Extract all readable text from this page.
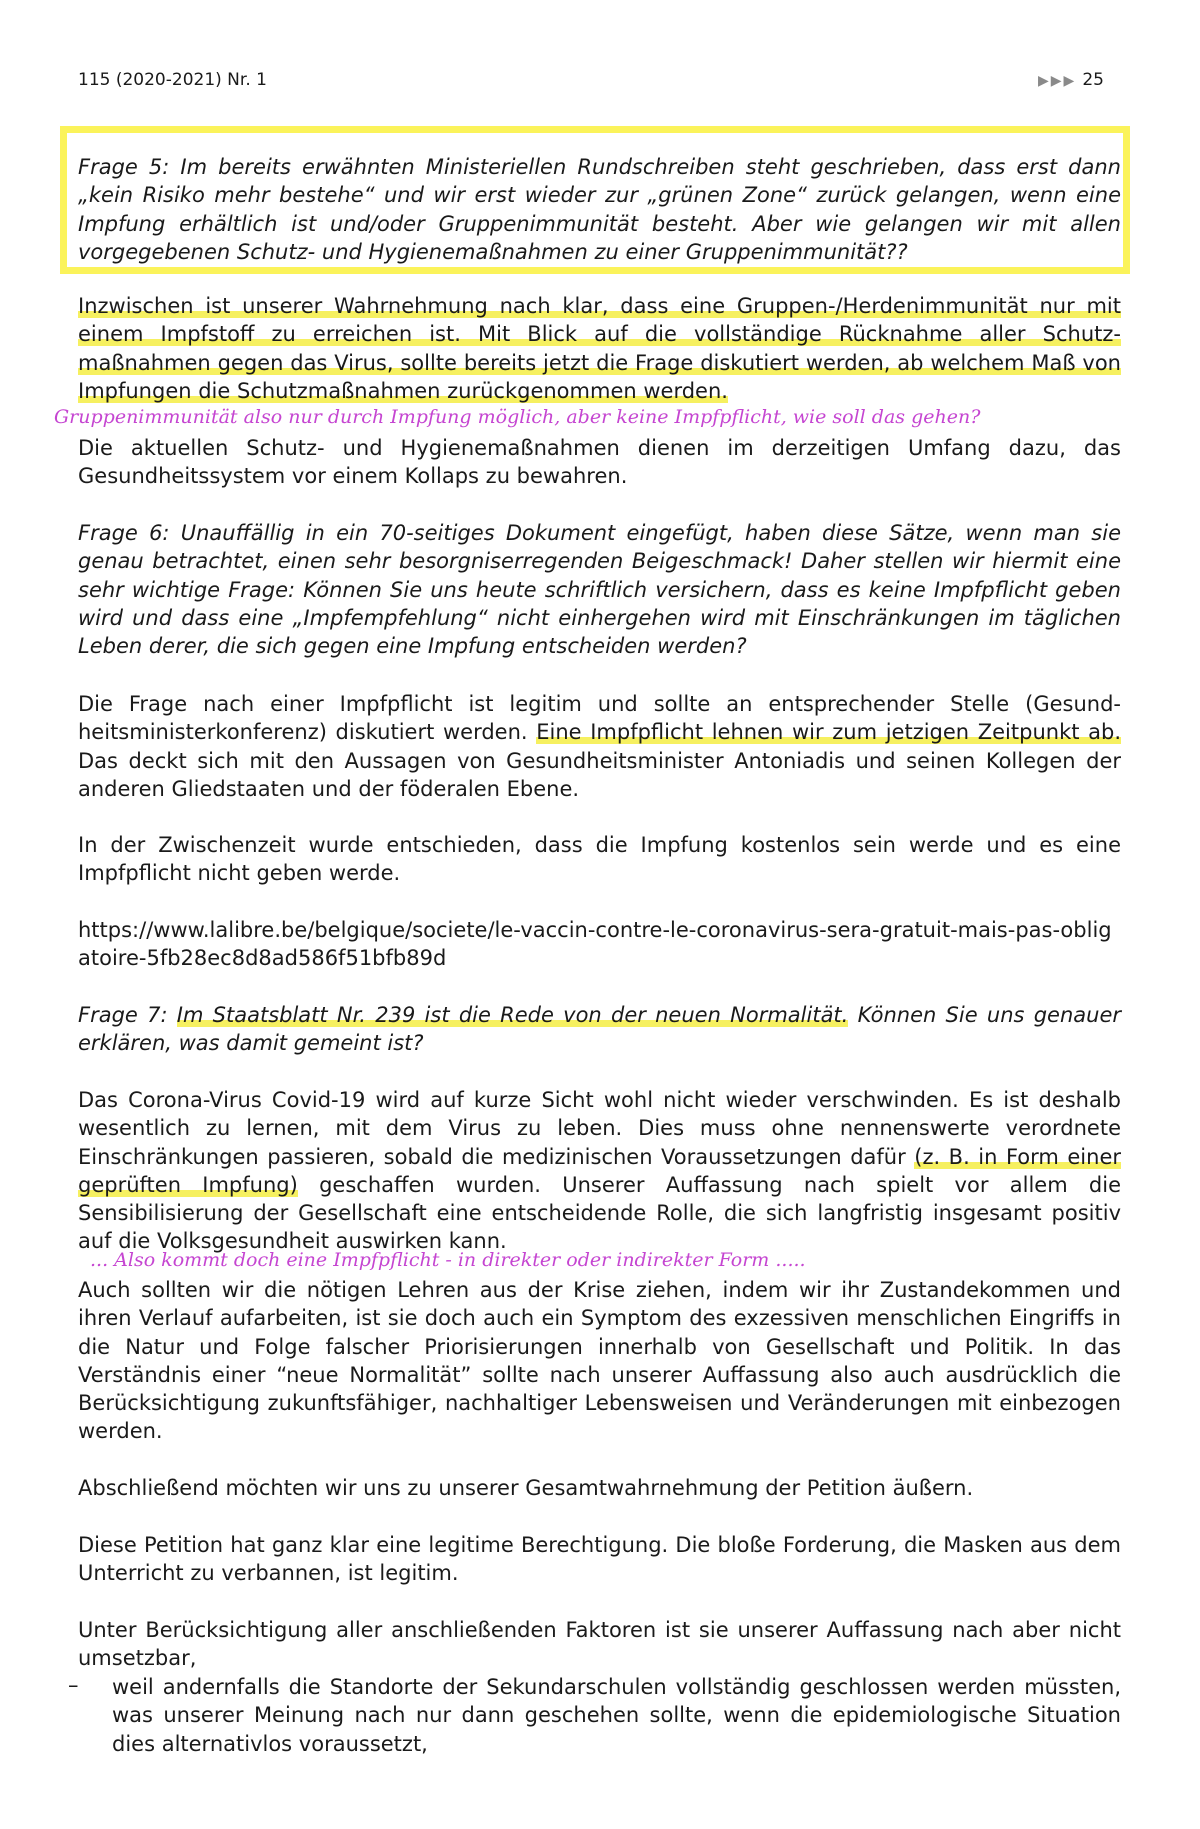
115 (2020-2021) Nr. 1	▶▶▶ 25

Frage 5: Im bereits erwähnten Ministeriellen Rundschreiben steht geschrieben, dass erst dann „kein Risiko mehr bestehe“ und wir erst wieder zur „grünen Zone“ zurück gelangen, wenn eine Impfung erhältlich ist und/oder Gruppenimmunität besteht. Aber wie gelangen wir mit allen vorgegebenen Schutz- und Hygienemaßnahmen zu einer Gruppenimmunität??

Inzwischen ist unserer Wahrnehmung nach klar, dass eine Gruppen-/Herdenimmunität nur mit einem Impfstoff zu erreichen ist. Mit Blick auf die vollständige Rücknahme aller Schutzmaßnahmen gegen das Virus, sollte bereits jetzt die Frage diskutiert werden, ab welchem Maß von Impfungen die Schutzmaßnahmen zurückgenommen werden.

Gruppenimmunität also nur durch Impfung möglich, aber keine Impfpflicht, wie soll das gehen?

Die aktuellen Schutz- und Hygienemaßnahmen dienen im derzeitigen Umfang dazu, das Gesundheitssystem vor einem Kollaps zu bewahren.

Frage 6: Unauffällig in ein 70-seitiges Dokument eingefügt, haben diese Sätze, wenn man sie genau betrachtet, einen sehr besorgniserregenden Beigeschmack! Daher stellen wir hiermit eine sehr wichtige Frage: Können Sie uns heute schriftlich versichern, dass es keine Impfpflicht geben wird und dass eine „Impfempfehlung“ nicht einhergehen wird mit Einschränkungen im täglichen Leben derer, die sich gegen eine Impfung entscheiden werden?

Die Frage nach einer Impfpflicht ist legitim und sollte an entsprechender Stelle (Gesundheitsministerkonferenz) diskutiert werden. Eine Impfpflicht lehnen wir zum jetzigen Zeitpunkt ab. Das deckt sich mit den Aussagen von Gesundheitsminister Antoniadis und seinen Kollegen der anderen Gliedstaaten und der föderalen Ebene.

In der Zwischenzeit wurde entschieden, dass die Impfung kostenlos sein werde und es eine Impfpflicht nicht geben werde.

https://www.lalibre.be/belgique/societe/le-vaccin-contre-le-coronavirus-sera-gratuit-mais-pas-obligatoire-5fb28ec8d8ad586f51bfb89d

Frage 7: Im Staatsblatt Nr. 239 ist die Rede von der neuen Normalität. Können Sie uns genauer erklären, was damit gemeint ist?

Das Corona-Virus Covid-19 wird auf kurze Sicht wohl nicht wieder verschwinden. Es ist deshalb wesentlich zu lernen, mit dem Virus zu leben. Dies muss ohne nennenswerte verordnete Einschränkungen passieren, sobald die medizinischen Voraussetzungen dafür (z. B. in Form einer geprüften Impfung) geschaffen wurden. Unserer Auffassung nach spielt vor allem die Sensibilisierung der Gesellschaft eine entscheidende Rolle, die sich langfristig insgesamt positiv auf die Volksgesundheit auswirken kann.

... Also kommt doch eine Impfpflicht - in direkter oder indirekter Form .....

Auch sollten wir die nötigen Lehren aus der Krise ziehen, indem wir ihr Zustandekommen und ihren Verlauf aufarbeiten, ist sie doch auch ein Symptom des exzessiven menschlichen Eingriffs in die Natur und Folge falscher Priorisierungen innerhalb von Gesellschaft und Politik. In das Verständnis einer “neue Normalität” sollte nach unserer Auffassung also auch ausdrücklich die Berücksichtigung zukunftsfähiger, nachhaltiger Lebensweisen und Veränderungen mit einbezogen werden.

Abschließend möchten wir uns zu unserer Gesamtwahrnehmung der Petition äußern.

Diese Petition hat ganz klar eine legitime Berechtigung. Die bloße Forderung, die Masken aus dem Unterricht zu verbannen, ist legitim.

Unter Berücksichtigung aller anschließenden Faktoren ist sie unserer Auffassung nach aber nicht umsetzbar,

– weil andernfalls die Standorte der Sekundarschulen vollständig geschlossen werden müssten, was unserer Meinung nach nur dann geschehen sollte, wenn die epidemiologische Situation dies alternativlos voraussetzt,
